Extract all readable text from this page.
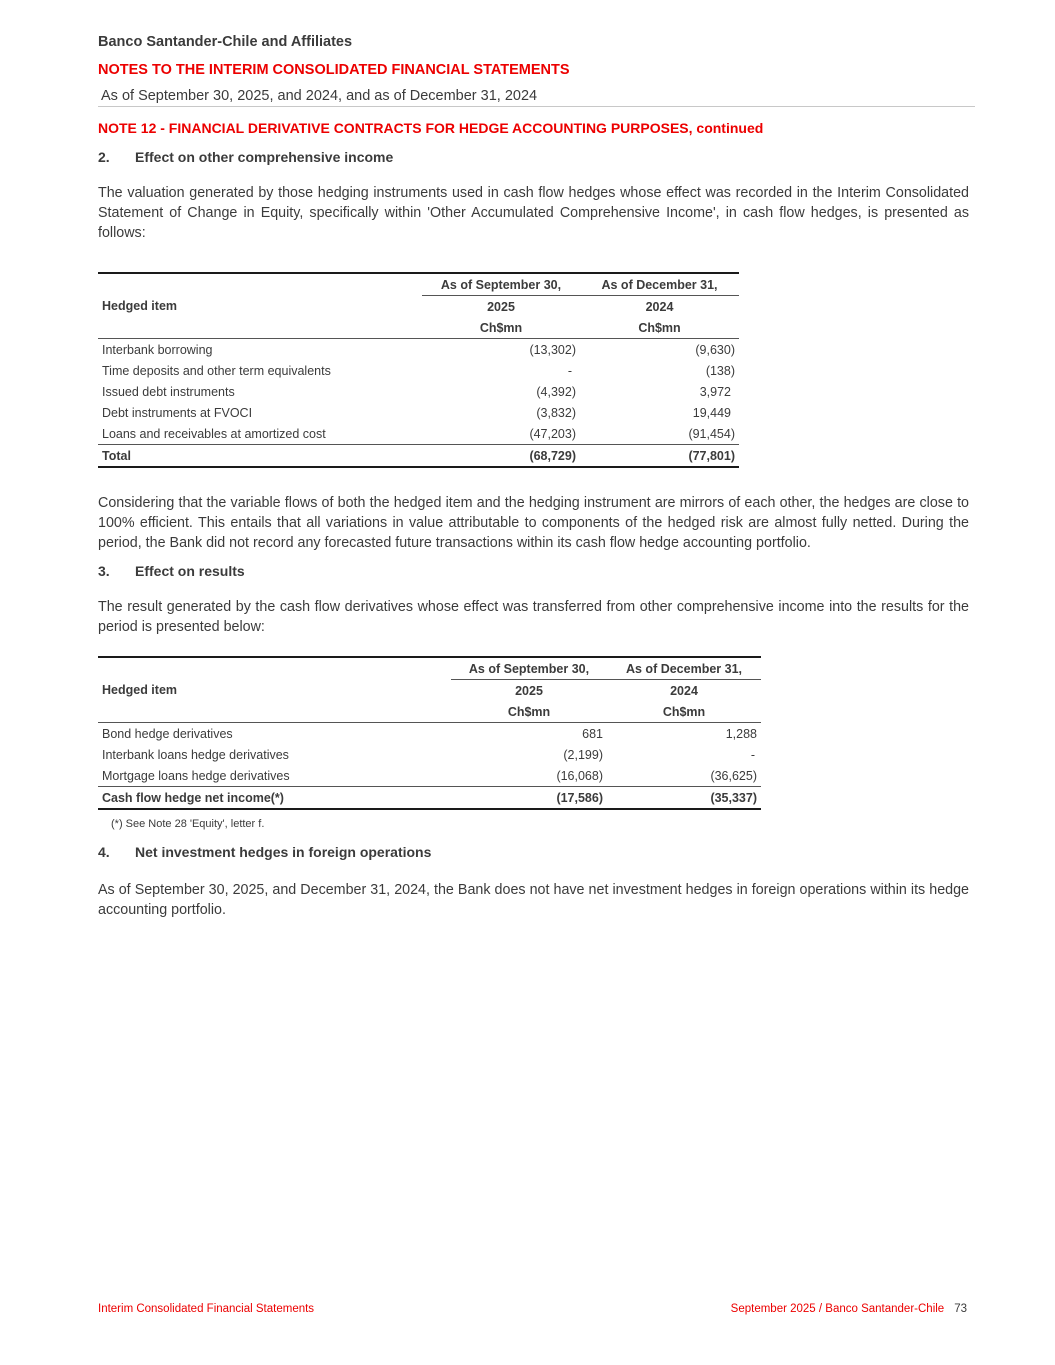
Banco Santander-Chile and Affiliates
NOTES TO THE INTERIM CONSOLIDATED FINANCIAL STATEMENTS
As of September 30, 2025, and 2024, and as of December 31, 2024
NOTE 12 - FINANCIAL DERIVATIVE CONTRACTS FOR HEDGE ACCOUNTING PURPOSES, continued
2. Effect on other comprehensive income
The valuation generated by those hedging instruments used in cash flow hedges whose effect was recorded in the Interim Consolidated Statement of Change in Equity, specifically within 'Other Accumulated Comprehensive Income', in cash flow hedges, is presented as follows:
	As of September 30,	As of December 31,
Hedged item	2025	2024
	Ch$mn	Ch$mn
Interbank borrowing	(13,302)	(9,630)
Time deposits and other term equivalents	-	(138)
Issued debt instruments	(4,392)	3,972
Debt instruments at FVOCI	(3,832)	19,449
Loans and receivables at amortized cost	(47,203)	(91,454)
Total	(68,729)	(77,801)
Considering that the variable flows of both the hedged item and the hedging instrument are mirrors of each other, the hedges are close to 100% efficient. This entails that all variations in value attributable to components of the hedged risk are almost fully netted. During the period, the Bank did not record any forecasted future transactions within its cash flow hedge accounting portfolio.
3. Effect on results
The result generated by the cash flow derivatives whose effect was transferred from other comprehensive income into the results for the period is presented below:
	As of September 30,	As of December 31,
Hedged item	2025	2024
	Ch$mn	Ch$mn
Bond hedge derivatives	681	1,288
Interbank loans hedge derivatives	(2,199)	-
Mortgage loans hedge derivatives	(16,068)	(36,625)
Cash flow hedge net income(*)	(17,586)	(35,337)
(*) See Note 28 'Equity', letter f.
4. Net investment hedges in foreign operations
As of September 30, 2025, and December 31, 2024, the Bank does not have net investment hedges in foreign operations within its hedge accounting portfolio.
Interim Consolidated Financial Statements	September 2025 / Banco Santander-Chile 73
